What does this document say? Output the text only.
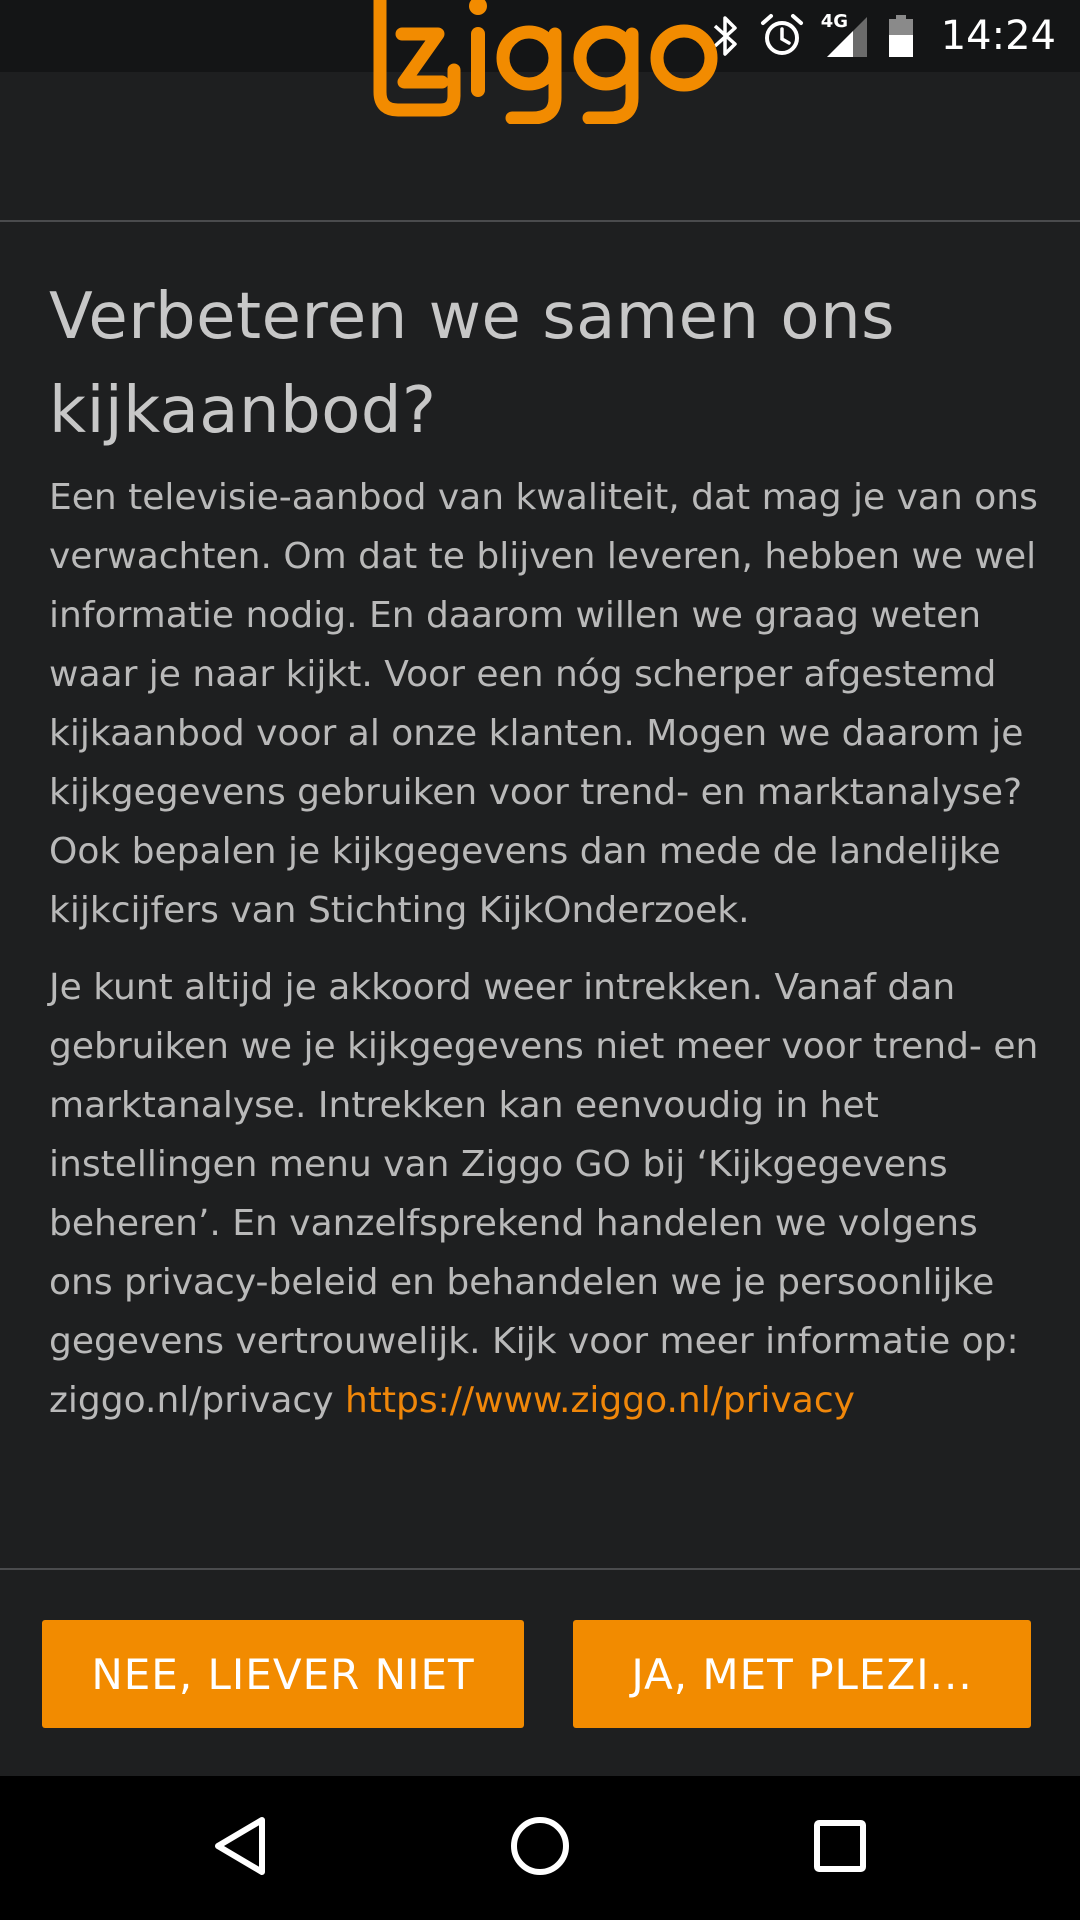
4G 14:24
Verbeteren we samen ons kijkaanbod?

Een televisie-aanbod van kwaliteit, dat mag je van ons verwachten. Om dat te blijven leveren, hebben we wel informatie nodig. En daarom willen we graag weten waar je naar kijkt. Voor een nóg scherper afgestemd kijkaanbod voor al onze klanten. Mogen we daarom je kijkgegevens gebruiken voor trend- en marktanalyse? Ook bepalen je kijkgegevens dan mede de landelijke kijkcijfers van Stichting KijkOnderzoek.

Je kunt altijd je akkoord weer intrekken. Vanaf dan gebruiken we je kijkgegevens niet meer voor trend- en marktanalyse. Intrekken kan eenvoudig in het instellingen menu van Ziggo GO bij ‘Kijkgegevens beheren’. En vanzelfsprekend handelen we volgens ons privacy-beleid en behandelen we je persoonlijke gegevens vertrouwelijk. Kijk voor meer informatie op: ziggo.nl/privacy https://www.ziggo.nl/privacy

NEE, LIEVER NIET	JA, MET PLEZI...
